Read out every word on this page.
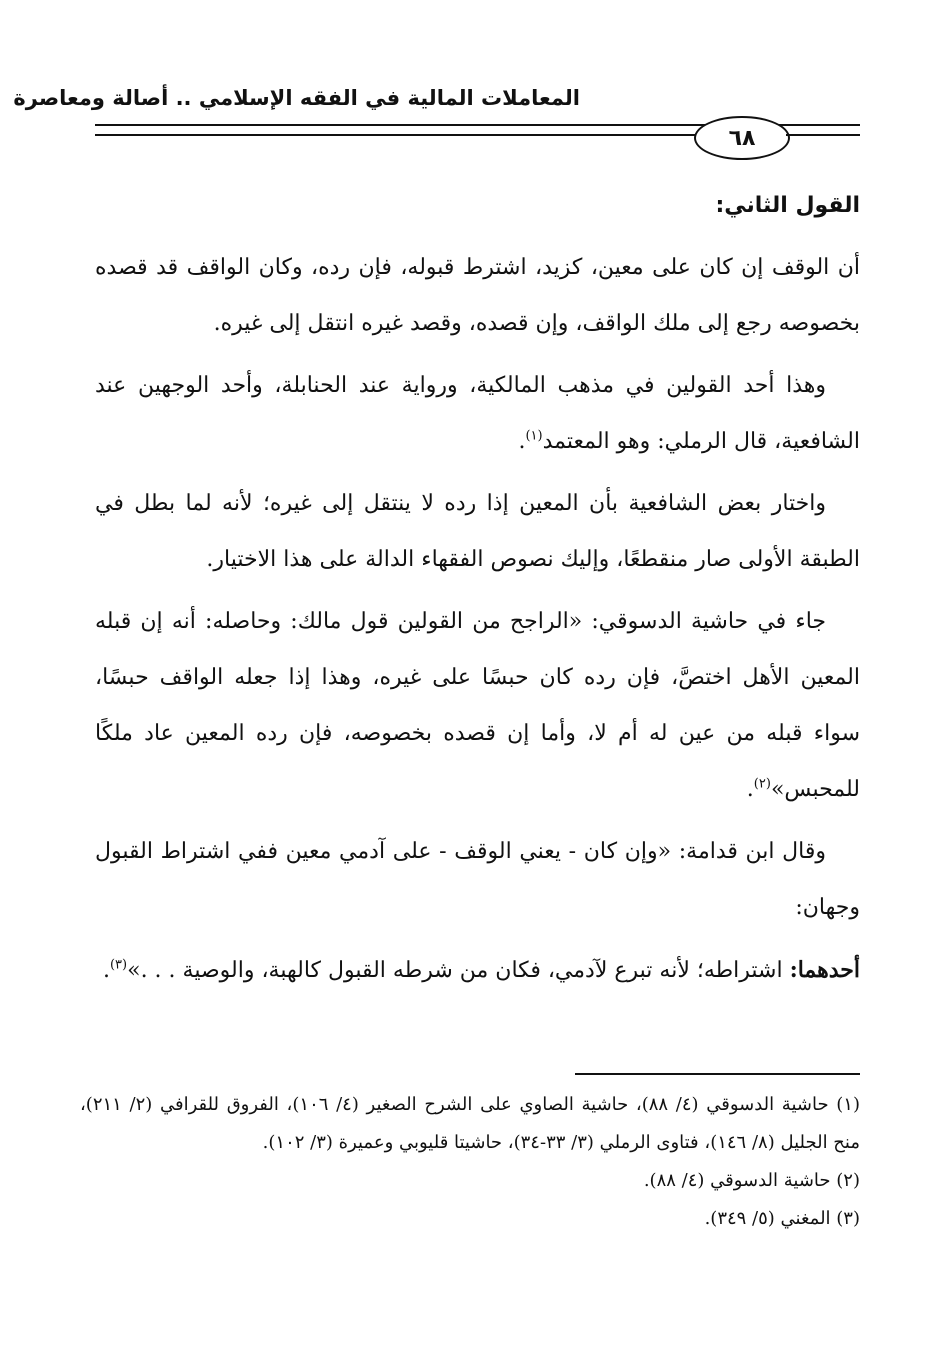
المعاملات المالية في الفقه الإسلامي .. أصالة ومعاصرة
٦٨

القول الثاني:

أن الوقف إن كان على معين، كزيد، اشترط قبوله، فإن رده، وكان الواقف قد قصده بخصوصه رجع إلى ملك الواقف، وإن قصده، وقصد غيره انتقل إلى غيره.

وهذا أحد القولين في مذهب المالكية، ورواية عند الحنابلة، وأحد الوجهين عند الشافعية، قال الرملي: وهو المعتمد$^{(١)}$.

واختار بعض الشافعية بأن المعين إذا رده لا ينتقل إلى غيره؛ لأنه لما بطل في الطبقة الأولى صار منقطعًا، وإليك نصوص الفقهاء الدالة على هذا الاختيار.

جاء في حاشية الدسوقي: «الراجح من القولين قول مالك: وحاصله: أنه إن قبله المعين الأهل اختصَّ، فإن رده كان حبسًا على غيره، وهذا إذا جعله الواقف حبسًا، سواء قبله من عين له أم لا، وأما إن قصده بخصوصه، فإن رده المعين عاد ملكًا للمحبس»$^{(٢)}$.

وقال ابن قدامة: «وإن كان - يعني الوقف - على آدمي معين ففي اشتراط القبول وجهان:

أحدهما: اشتراطه؛ لأنه تبرع لآدمي، فكان من شرطه القبول كالهبة، والوصية . . .»$^{(٣)}$.

(١) حاشية الدسوقي (٤/ ٨٨)، حاشية الصاوي على الشرح الصغير (٤/ ١٠٦)، الفروق للقرافي (٢/ ٢١١)، منح الجليل (٨/ ١٤٦)، فتاوى الرملي (٣/ ٣٣-٣٤)، حاشيتا قليوبي وعميرة (٣/ ١٠٢).

(٢) حاشية الدسوقي (٤/ ٨٨).

(٣) المغني (٥/ ٣٤٩).
